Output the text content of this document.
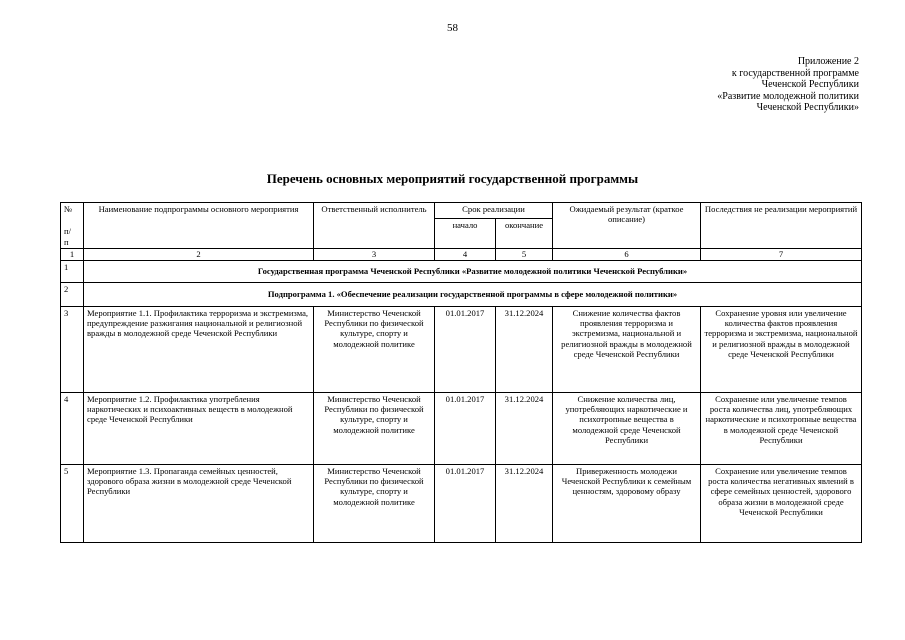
58
Приложение 2
к государственной программе
Чеченской Республики
«Развитие молодежной политики
Чеченской Республики»
Перечень основных мероприятий государственной программы
№
п/
п	Наименование подпрограммы основного мероприятия	Ответственный исполнитель	Срок реализации		Ожидаемый результат (краткое описание)	Последствия не реализации мероприятий
			начало	окончание		
1	2	3	4	5	6	7
1	Государственная программа Чеченской Республики «Развитие молодежной политики Чеченской Республики»					
2	Подпрограмма 1. «Обеспечение реализации государственной программы в сфере молодежной политики»					
3	Мероприятие 1.1. Профилактика терроризма и экстремизма, предупреждение разжигания национальной и религиозной вражды в молодежной среде Чеченской Республики	Министерство Чеченской Республики по физической культуре, спорту и молодежной политике	01.01.2017	31.12.2024	Снижение количества фактов проявления терроризма и экстремизма, национальной и религиозной вражды в молодежной среде Чеченской Республики	Сохранение уровня или увеличение количества фактов проявления терроризма и экстремизма, национальной и религиозной вражды в молодежной среде Чеченской Республики
4	Мероприятие 1.2. Профилактика употребления наркотических и психоактивных веществ в молодежной среде Чеченской Республики	Министерство Чеченской Республики по физической культуре, спорту и молодежной политике	01.01.2017	31.12.2024	Снижение количества лиц, употребляющих наркотические и психотропные вещества в молодежной среде Чеченской Республики	Сохранение или увеличение темпов роста количества лиц, употребляющих наркотические и психотропные вещества в молодежной среде Чеченской Республики
5	Мероприятие 1.3. Пропаганда семейных ценностей, здорового образа жизни в молодежной среде Чеченской Республики	Министерство Чеченской Республики по физической культуре, спорту и молодежной политике	01.01.2017	31.12.2024	Приверженность молодежи Чеченской Республики к семейным ценностям, здоровому образу	Сохранение или увеличение темпов роста количества негативных явлений в сфере семейных ценностей, здорового образа жизни в молодежной среде Чеченской Республики
